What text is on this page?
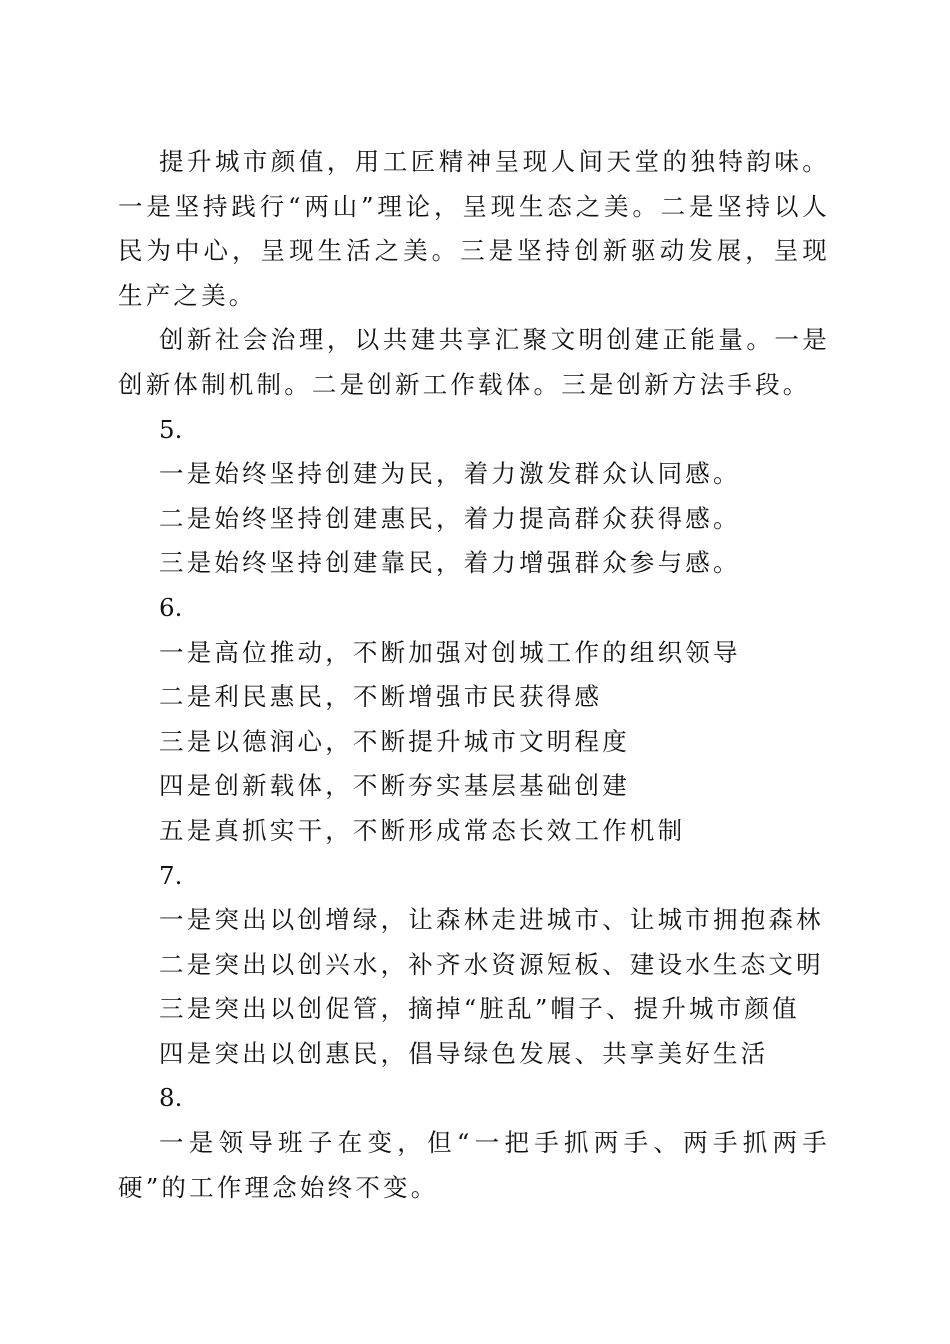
提升城市颜值，用工匠精神呈现人间天堂的独特韵味。一是坚持践行“两山”理论，呈现生态之美。二是坚持以人民为中心，呈现生活之美。三是坚持创新驱动发展，呈现生产之美。

创新社会治理，以共建共享汇聚文明创建正能量。一是创新体制机制。二是创新工作载体。三是创新方法手段。

5.

一是始终坚持创建为民，着力激发群众认同感。

二是始终坚持创建惠民，着力提高群众获得感。

三是始终坚持创建靠民，着力增强群众参与感。

6.

一是高位推动，不断加强对创城工作的组织领导

二是利民惠民，不断增强市民获得感

三是以德润心，不断提升城市文明程度

四是创新载体，不断夯实基层基础创建

五是真抓实干，不断形成常态长效工作机制

7.

一是突出以创增绿，让森林走进城市、让城市拥抱森林

二是突出以创兴水，补齐水资源短板、建设水生态文明

三是突出以创促管，摘掉“脏乱”帽子、提升城市颜值

四是突出以创惠民，倡导绿色发展、共享美好生活

8.

一是领导班子在变，但“一把手抓两手、两手抓两手硬”的工作理念始终不变。
